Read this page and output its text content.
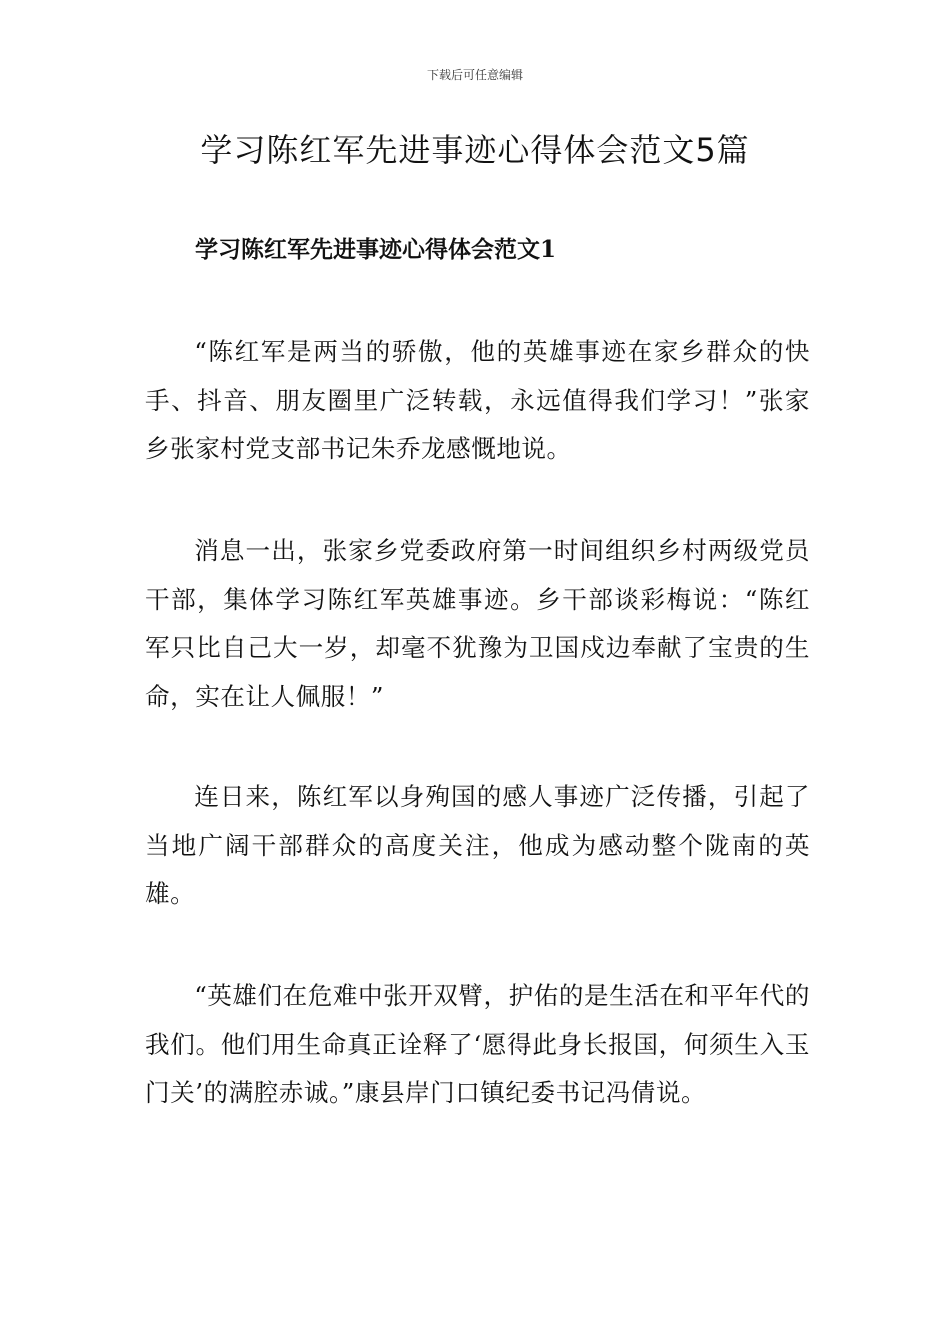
下载后可任意编辑
学习陈红军先进事迹心得体会范文5篇
学习陈红军先进事迹心得体会范文1

“陈红军是两当的骄傲，他的英雄事迹在家乡群众的快手、抖音、朋友圈里广泛转载，永远值得我们学习！”张家乡张家村党支部书记朱乔龙感慨地说。

消息一出，张家乡党委政府第一时间组织乡村两级党员干部，集体学习陈红军英雄事迹。乡干部谈彩梅说：“陈红军只比自己大一岁，却毫不犹豫为卫国戍边奉献了宝贵的生命，实在让人佩服！”

连日来，陈红军以身殉国的感人事迹广泛传播，引起了当地广阔干部群众的高度关注，他成为感动整个陇南的英雄。

“英雄们在危难中张开双臂，护佑的是生活在和平年代的我们。他们用生命真正诠释了‘愿得此身长报国，何须生入玉门关’的满腔赤诚。”康县岸门口镇纪委书记冯倩说。
